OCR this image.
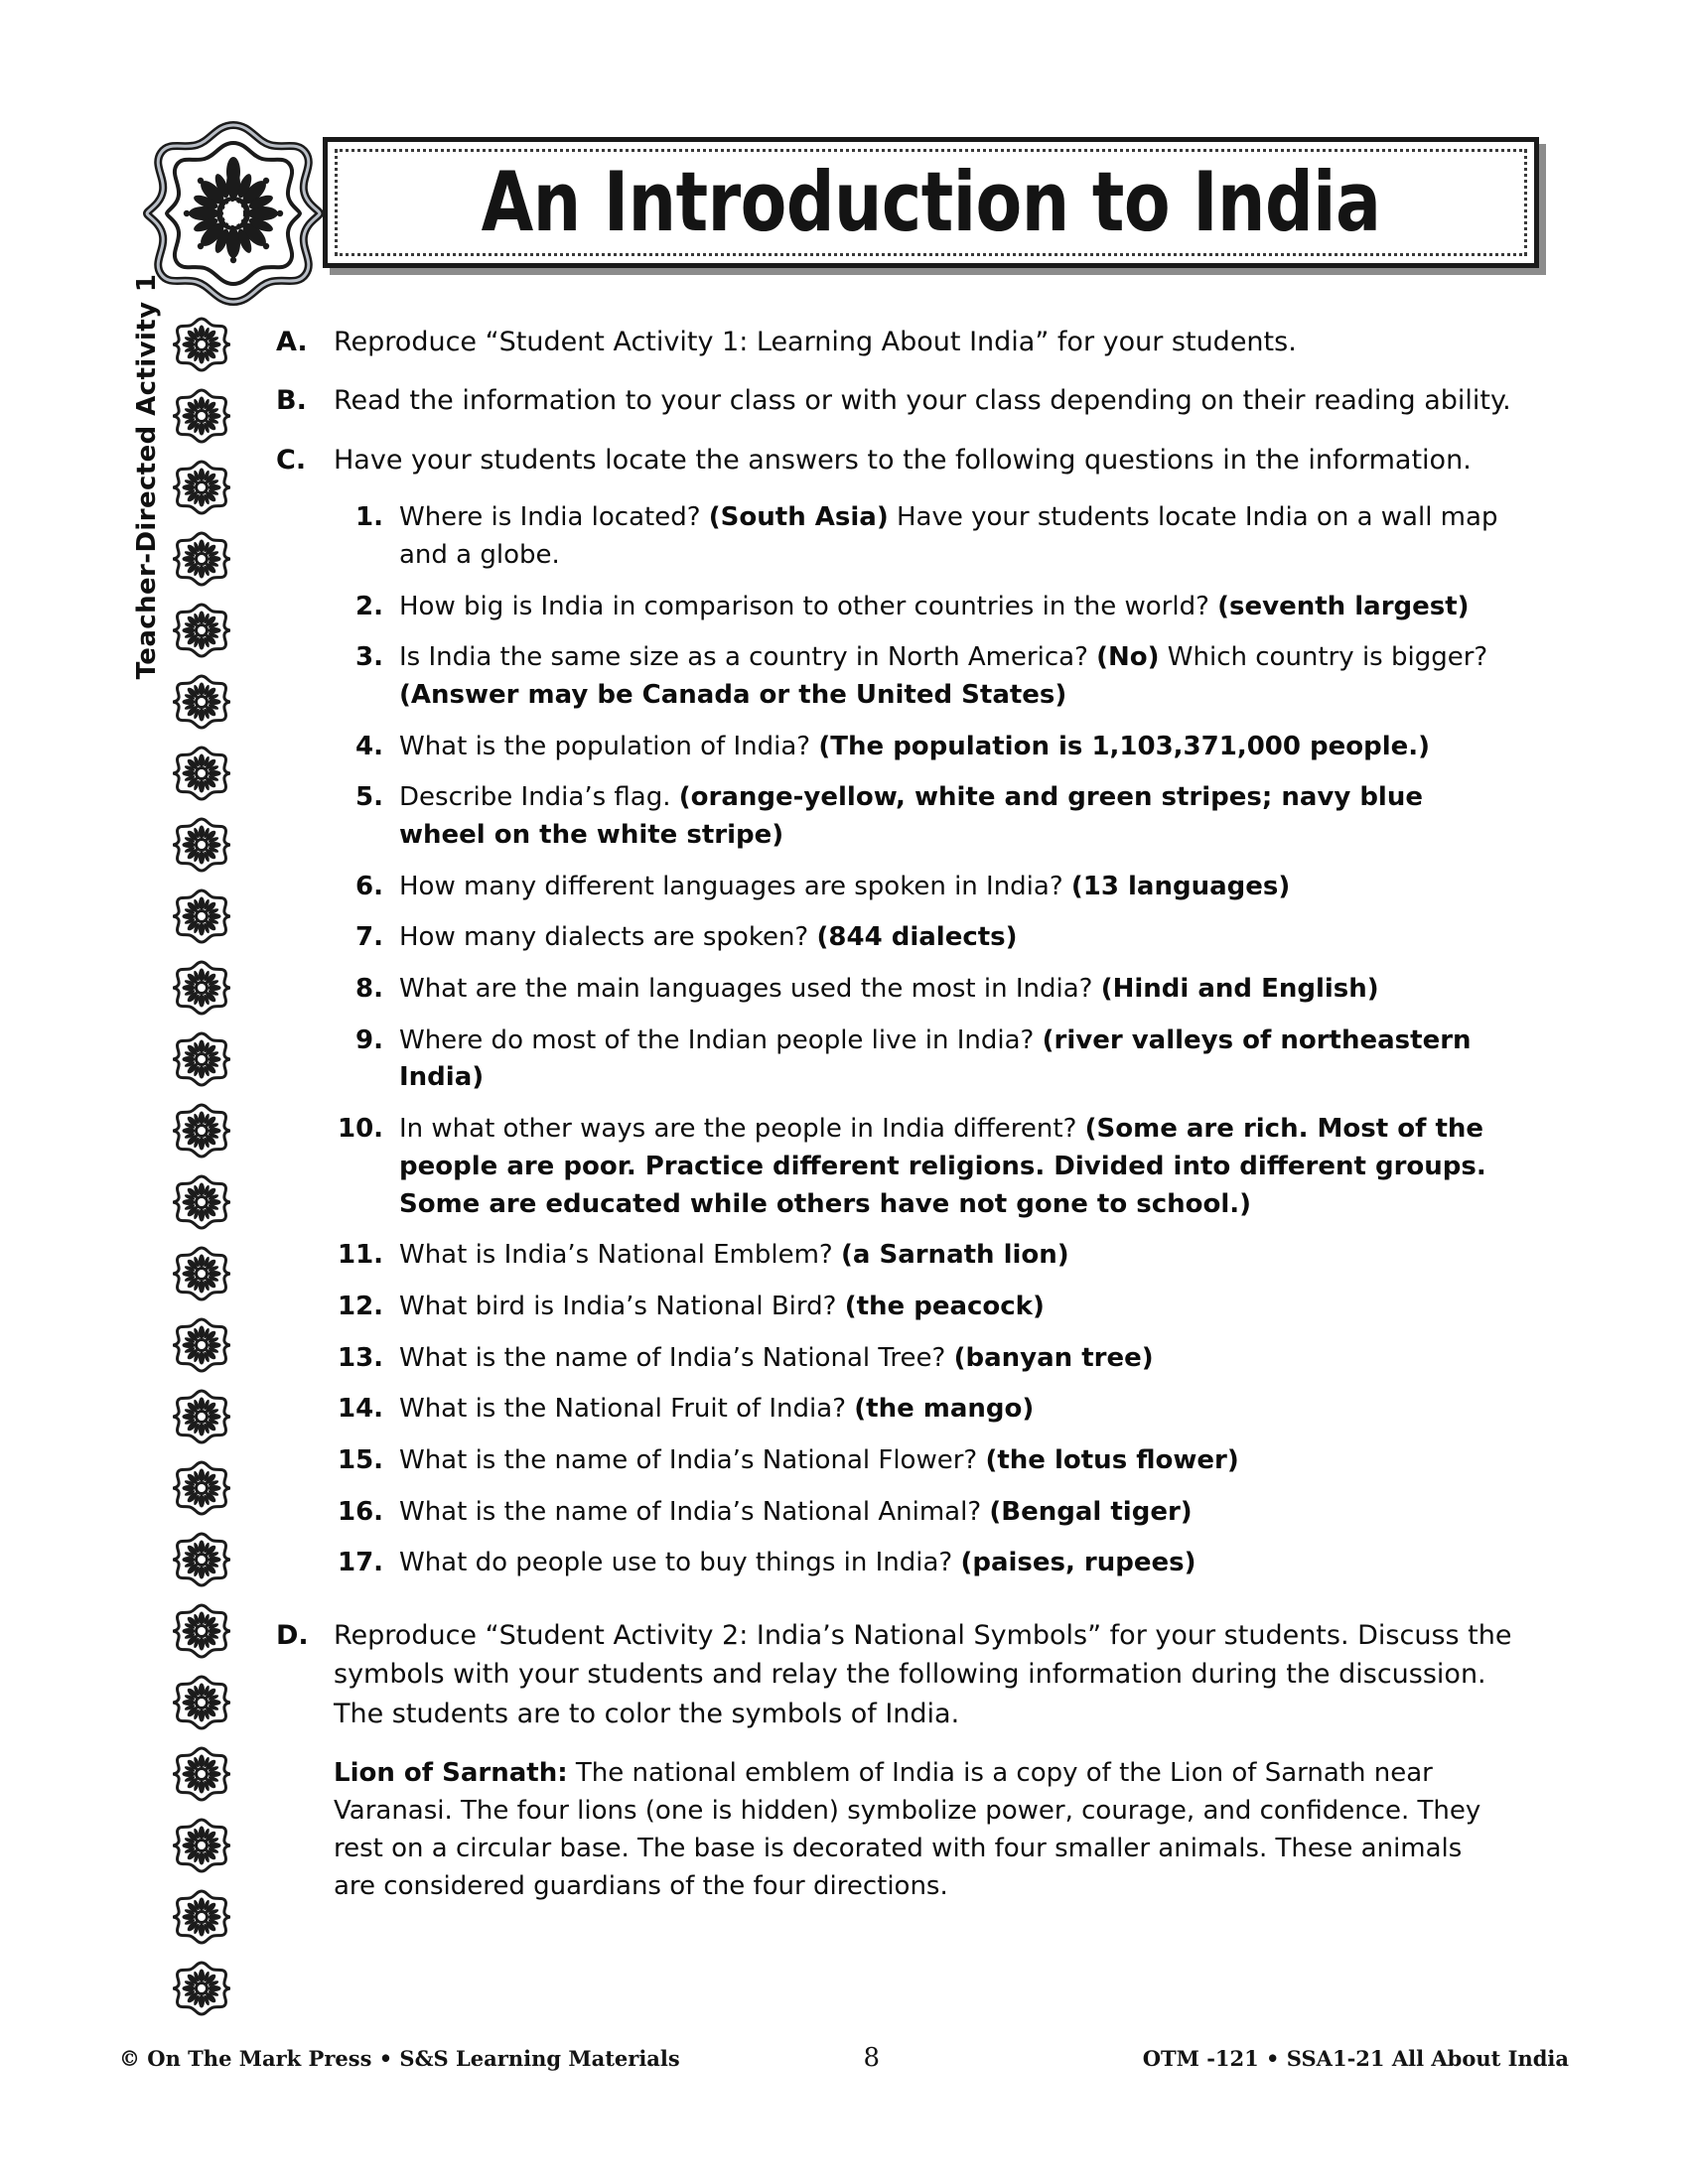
An Introduction to India
Teacher-Directed Activity 1	A. Reproduce “Student Activity 1: Learning About India” for your students.
B.	Read the information to your class or with your class depending on their reading ability.
C.	Have your students locate the answers to the following questions in the information.
1. Where is India located? (South Asia) Have your students locate India on a wall map and a globe.
2. How big is India in comparison to other countries in the world? (seventh largest)
3. Is India the same size as a country in North America? (No) Which country is bigger? (Answer may be Canada or the United States)
4. What is the population of India? (The population is 1,103,371,000 people.)
5. Describe India’s flag. (orange-yellow, white and green stripes; navy blue wheel on the white stripe)
6. How many different languages are spoken in India? (13 languages)
7. How many dialects are spoken? (844 dialects)
8. What are the main languages used the most in India? (Hindi and English)
9. Where do most of the Indian people live in India? (river valleys of northeastern India)
10. In what other ways are the people in India different? (Some are rich. Most of the people are poor. Practice different religions. Divided into different groups. Some are educated while others have not gone to school.)
11. What is India’s National Emblem? (a Sarnath lion)
12. What bird is India’s National Bird? (the peacock)
13. What is the name of India’s National Tree? (banyan tree)
14. What is the National Fruit of India? (the mango)
15. What is the name of India’s National Flower? (the lotus flower)
16. What is the name of India’s National Animal? (Bengal tiger)
17. What do people use to buy things in India? (paises, rupees)
D. Reproduce “Student Activity 2: India’s National Symbols” for your students. Discuss the symbols with your students and relay the following information during the discussion. The students are to color the symbols of India.
Lion of Sarnath: The national emblem of India is a copy of the Lion of Sarnath near Varanasi. The four lions (one is hidden) symbolize power, courage, and confidence. They rest on a circular base. The base is decorated with four smaller animals. These animals are considered guardians of the four directions.
© On The Mark Press • S&S Learning Materials	8	OTM -121 • SSA1-21 All About India
